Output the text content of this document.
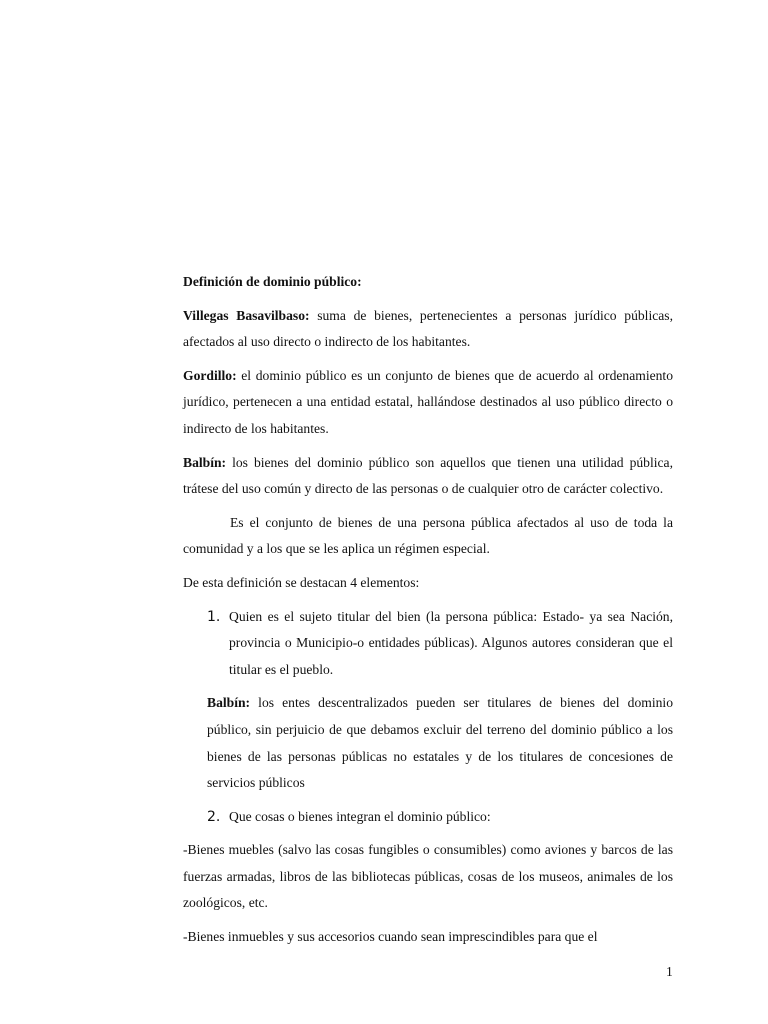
Definición de dominio público:

Villegas Basavilbaso: suma de bienes, pertenecientes a personas jurídico públicas, afectados al uso directo o indirecto de los habitantes.

Gordillo: el dominio público es un conjunto de bienes que de acuerdo al ordenamiento jurídico, pertenecen a una entidad estatal, hallándose destinados al uso público directo o indirecto de los habitantes.

Balbín: los bienes del dominio público son aquellos que tienen una utilidad pública, trátese del uso común y directo de las personas o de cualquier otro de carácter colectivo.

Es el conjunto de bienes de una persona pública afectados al uso de toda la comunidad y a los que se les aplica un régimen especial.

De esta definición se destacan 4 elementos:

1. Quien es el sujeto titular del bien (la persona pública: Estado- ya sea Nación, provincia o Municipio-o entidades públicas). Algunos autores consideran que el titular es el pueblo.

Balbín: los entes descentralizados pueden ser titulares de bienes del dominio público, sin perjuicio de que debamos excluir del terreno del dominio público a los bienes de las personas públicas no estatales y de los titulares de concesiones de servicios públicos

2. Que cosas o bienes integran el dominio público:

-Bienes muebles (salvo las cosas fungibles o consumibles) como aviones y barcos de las fuerzas armadas, libros de las bibliotecas públicas, cosas de los museos, animales de los zoológicos, etc.

-Bienes inmuebles y sus accesorios cuando sean imprescindibles para que el

1
